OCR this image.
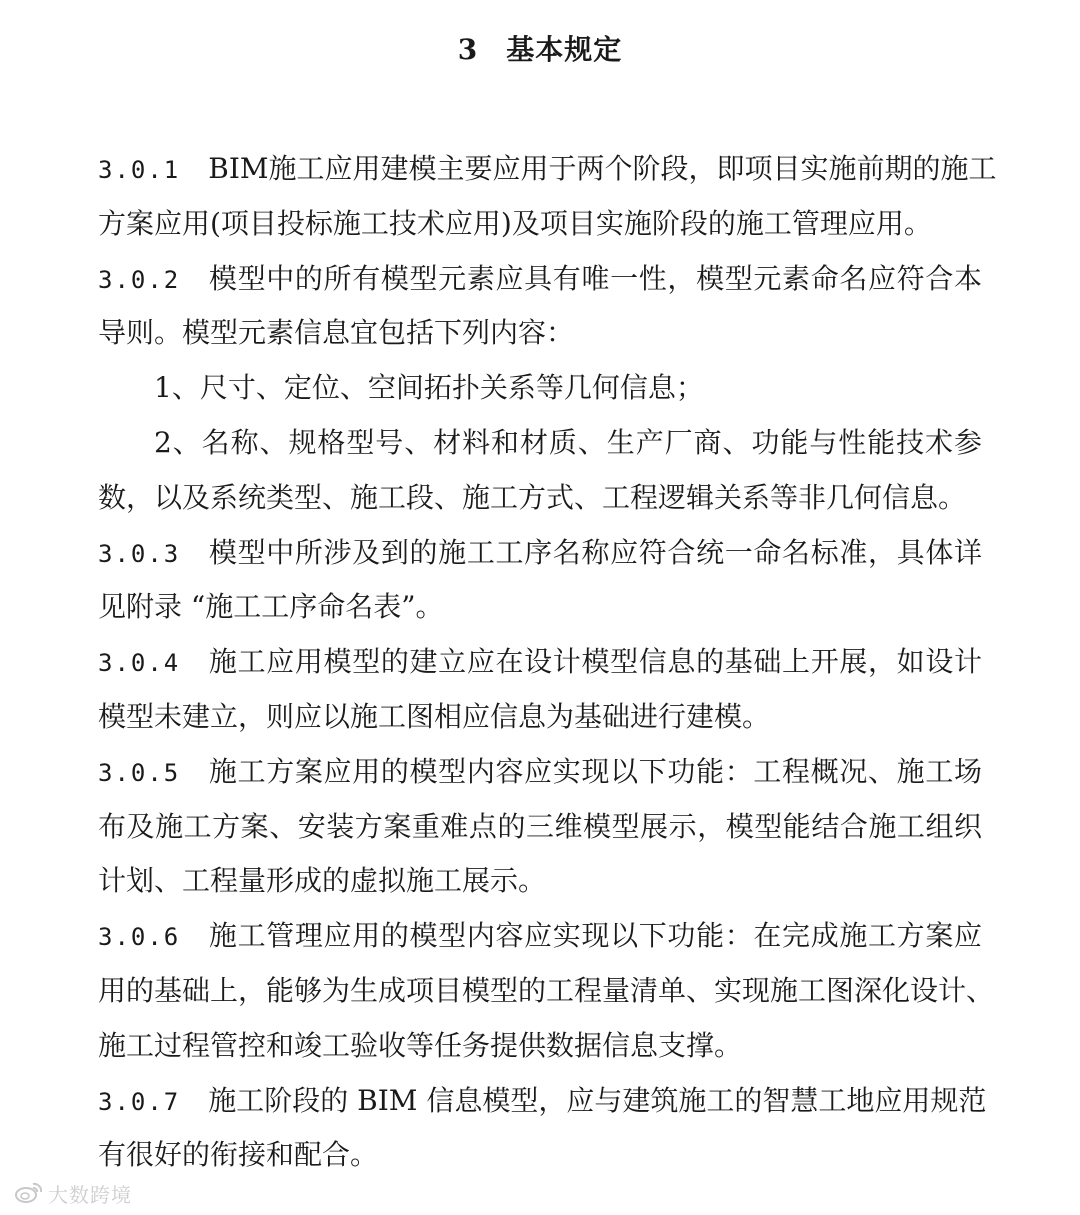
3 基本规定
3.0.1 BIM施工应用建模主要应用于两个阶段，即项目实施前期的施工
方案应用(项目投标施工技术应用)及项目实施阶段的施工管理应用。
3.0.2 模型中的所有模型元素应具有唯一性，模型元素命名应符合本
导则。模型元素信息宜包括下列内容：
1、尺寸、定位、空间拓扑关系等几何信息；
2、名称、规格型号、材料和材质、生产厂商、功能与性能技术参
数，以及系统类型、施工段、施工方式、工程逻辑关系等非几何信息。
3.0.3 模型中所涉及到的施工工序名称应符合统一命名标准，具体详
见附录 “施工工序命名表”。
3.0.4 施工应用模型的建立应在设计模型信息的基础上开展，如设计
模型未建立，则应以施工图相应信息为基础进行建模。
3.0.5 施工方案应用的模型内容应实现以下功能：工程概况、施工场
布及施工方案、安装方案重难点的三维模型展示，模型能结合施工组织
计划、工程量形成的虚拟施工展示。
3.0.6 施工管理应用的模型内容应实现以下功能：在完成施工方案应
用的基础上，能够为生成项目模型的工程量清单、实现施工图深化设计、
施工过程管控和竣工验收等任务提供数据信息支撑。
3.0.7 施工阶段的 BIM 信息模型，应与建筑施工的智慧工地应用规范
有很好的衔接和配合。
大数跨境
